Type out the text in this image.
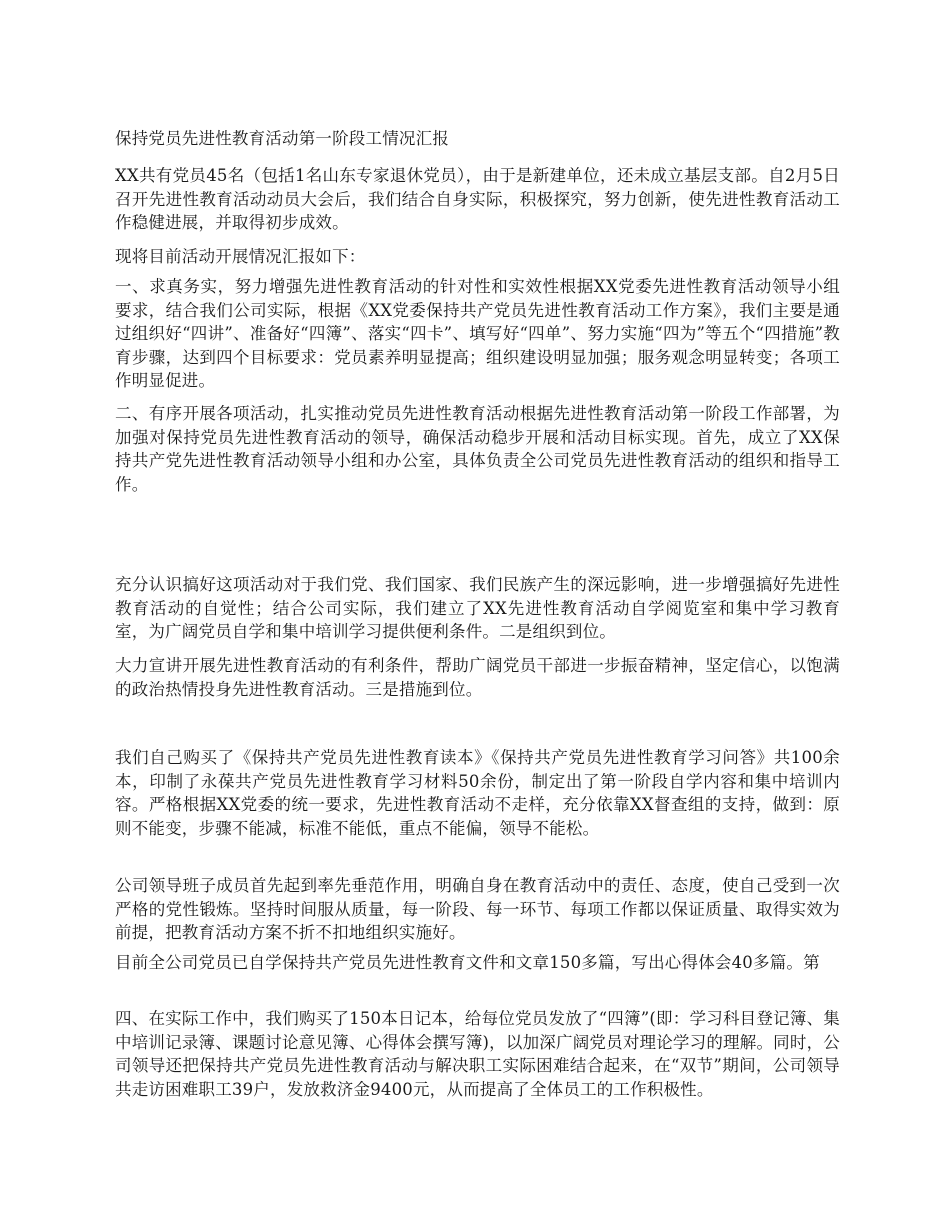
保持党员先进性教育活动第一阶段工情况汇报

XX共有党员45名（包括1名山东专家退休党员），由于是新建单位，还未成立基层支部。自2月5日召开先进性教育活动动员大会后，我们结合自身实际，积极探究，努力创新，使先进性教育活动工作稳健进展，并取得初步成效。

现将目前活动开展情况汇报如下：

一、求真务实，努力增强先进性教育活动的针对性和实效性根据XX党委先进性教育活动领导小组要求，结合我们公司实际，根据《XX党委保持共产党员先进性教育活动工作方案》，我们主要是通过组织好“四讲”、准备好“四簿”、落实“四卡”、填写好“四单”、努力实施“四为”等五个“四措施”教育步骤，达到四个目标要求：党员素养明显提高；组织建设明显加强；服务观念明显转变；各项工作明显促进。

二、有序开展各项活动，扎实推动党员先进性教育活动根据先进性教育活动第一阶段工作部署，为加强对保持党员先进性教育活动的领导，确保活动稳步开展和活动目标实现。首先，成立了XX保持共产党先进性教育活动领导小组和办公室，具体负责全公司党员先进性教育活动的组织和指导工作。

充分认识搞好这项活动对于我们党、我们国家、我们民族产生的深远影响，进一步增强搞好先进性教育活动的自觉性；结合公司实际，我们建立了XX先进性教育活动自学阅览室和集中学习教育室，为广阔党员自学和集中培训学习提供便利条件。二是组织到位。

大力宣讲开展先进性教育活动的有利条件，帮助广阔党员干部进一步振奋精神，坚定信心，以饱满的政治热情投身先进性教育活动。三是措施到位。

我们自己购买了《保持共产党员先进性教育读本》《保持共产党员先进性教育学习问答》共100余本，印制了永葆共产党员先进性教育学习材料50余份，制定出了第一阶段自学内容和集中培训内容。严格根据XX党委的统一要求，先进性教育活动不走样，充分依靠XX督查组的支持，做到：原则不能变，步骤不能减，标准不能低，重点不能偏，领导不能松。

公司领导班子成员首先起到率先垂范作用，明确自身在教育活动中的责任、态度，使自己受到一次严格的党性锻炼。坚持时间服从质量，每一阶段、每一环节、每项工作都以保证质量、取得实效为前提，把教育活动方案不折不扣地组织实施好。

目前全公司党员已自学保持共产党员先进性教育文件和文章150多篇，写出心得体会40多篇。第

四、在实际工作中，我们购买了150本日记本，给每位党员发放了“四簿”(即：学习科目登记簿、集中培训记录簿、课题讨论意见簿、心得体会撰写簿)，以加深广阔党员对理论学习的理解。同时，公司领导还把保持共产党员先进性教育活动与解决职工实际困难结合起来，在“双节”期间，公司领导共走访困难职工39户，发放救济金9400元，从而提高了全体员工的工作积极性。
